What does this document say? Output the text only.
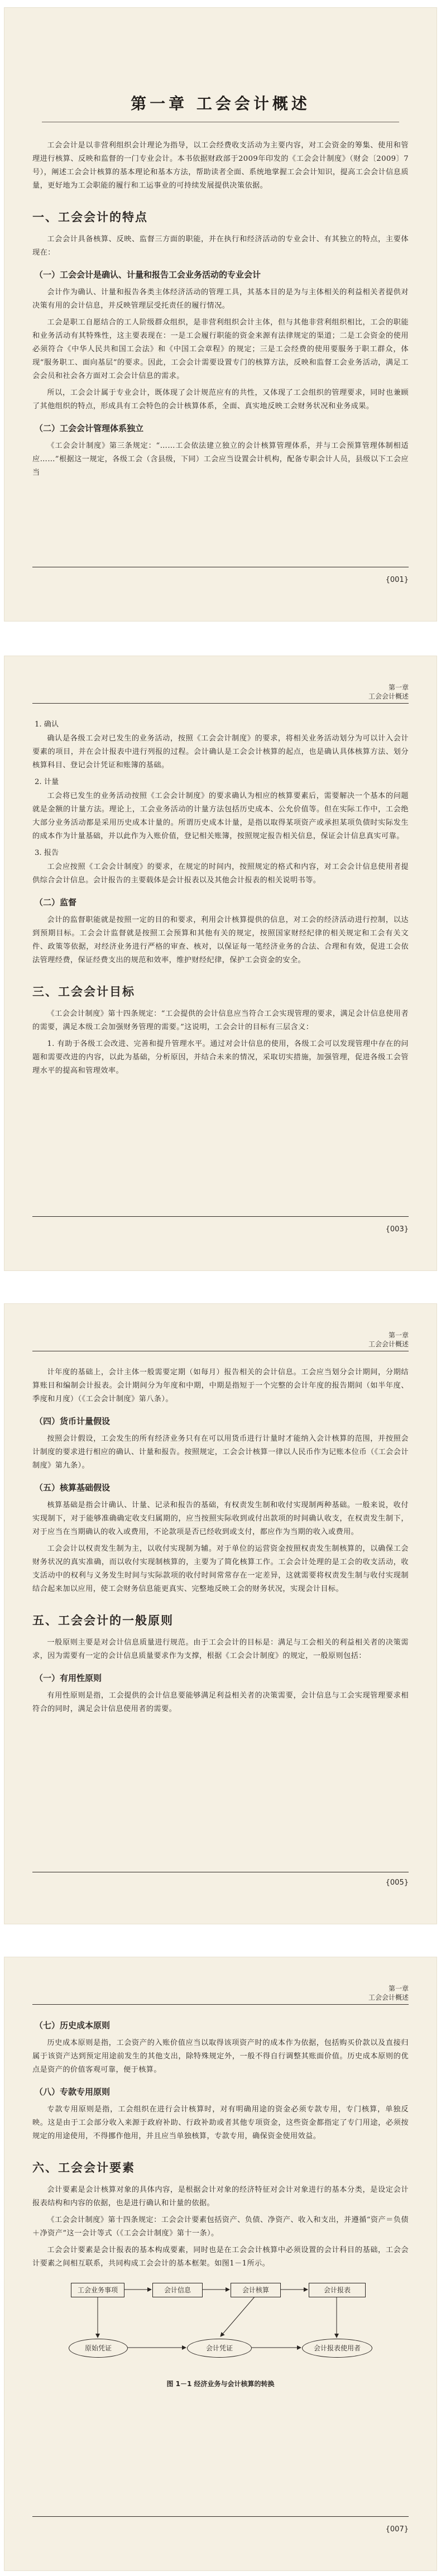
第一章 工会会计概述

工会会计是以非营利组织会计理论为指导，以工会经费收支活动为主要内容，对工会资金的筹集、使用和管理进行核算、反映和监督的一门专业会计。本书依据财政部于2009年印发的《工会会计制度》（财会〔2009〕7号），阐述工会会计核算的基本理论和基本方法，帮助读者全面、系统地掌握工会会计知识，提高工会会计信息质量，更好地为工会职能的履行和工运事业的可持续发展提供决策依据。

一、工会会计的特点

工会会计具备核算、反映、监督三方面的职能，并在执行和经济活动的专业会计、有其独立的特点，主要体现在：

（一）工会会计是确认、计量和报告工会业务活动的专业会计

会计作为确认、计量和报告各类主体经济活动的管理工具，其基本目的是为与主体相关的利益相关者提供对决策有用的会计信息，并反映管理层受托责任的履行情况。

工会是职工自愿结合的工人阶级群众组织，是非营利组织会计主体，但与其他非营利组织相比，工会的职能和业务活动有其特殊性，这主要表现在：一是工会履行职能的资金来源有法律规定的渠道；二是工会资金的使用必须符合《中华人民共和国工会法》和《中国工会章程》的规定；三是工会经费的使用要服务于职工群众，体现“服务职工、面向基层”的要求。因此，工会会计需要设置专门的核算方法，反映和监督工会业务活动，满足工会会员和社会各方面对工会会计信息的需求。

所以，工会会计属于专业会计，既体现了会计规范应有的共性，又体现了工会组织的管理要求，同时也兼顾了其他组织的特点，形成具有工会特色的会计核算体系，全面、真实地反映工会财务状况和业务成果。

（二）工会会计管理体系独立

《工会会计制度》第三条规定：“……工会依法建立独立的会计核算管理体系，并与工会预算管理体制相适应……”根据这一规定，各级工会（含县级，下同）工会应当设置会计机构，配备专职会计人员，县级以下工会应当

{001}
第一章
工会会计概述
1. 确认

确认是各级工会对已发生的业务活动，按照《工会会计制度》的要求，将相关业务活动划分为可以计入会计要素的项目，并在会计报表中进行列报的过程。会计确认是工会会计核算的起点，也是确认具体核算方法、划分核算科目、登记会计凭证和账簿的基础。

2. 计量

工会将已发生的业务活动按照《工会会计制度》的要求确认为相应的核算要素后，需要解决一个基本的问题就是金额的计量方法。理论上，工会业务活动的计量方法包括历史成本、公允价值等。但在实际工作中，工会绝大部分业务活动都是采用历史成本计量的。所谓历史成本计量，是指以取得某项资产或承担某项负债时实际发生的成本作为计量基础，并以此作为入账价值，登记相关账簿，按照规定报告相关信息，保证会计信息真实可靠。

3. 报告

工会应按照《工会会计制度》的要求，在规定的时间内，按照规定的格式和内容，对工会会计信息使用者提供综合会计信息。会计报告的主要载体是会计报表以及其他会计报表的相关说明书等。

（二）监督

会计的监督职能就是按照一定的目的和要求，利用会计核算提供的信息，对工会的经济活动进行控制，以达到预期目标。工会会计监督就是按照工会预算和其他有关的规定，按照国家财经纪律的相关规定和工会有关文件、政策等依据，对经济业务进行严格的审查、核对，以保证每一笔经济业务的合法、合理和有效，促进工会依法管理经费，保证经费支出的规范和效率，维护财经纪律，保护工会资金的安全。

三、工会会计目标

《工会会计制度》第十四条规定：“工会提供的会计信息应当符合工会实现管理的要求，满足会计信息使用者的需要，满足本级工会加强财务管理的需要。”这说明，工会会计的目标有三层含义：

1. 有助于各级工会改进、完善和提升管理水平。通过对会计信息的使用，各级工会可以发现管理中存在的问题和需要改进的内容，以此为基础，分析原因，并结合未来的情况，采取切实措施，加强管理，促进各级工会管理水平的提高和管理效率。

{003}
第一章
工会会计概述

计年度的基础上，会计主体一般需要定期（如每月）报告相关的会计信息。工会应当划分会计期间，分期结算账目和编制会计报表。会计期间分为年度和中期，中期是指短于一个完整的会计年度的报告期间（如半年度、季度和月度）（《工会会计制度》第八条）。

（四）货币计量假设

按照会计假设，工会发生的所有经济业务只有在可以用货币进行计量时才能纳入会计核算的范围，并按照会计制度的要求进行相应的确认、计量和报告。按照规定，工会会计核算一律以人民币作为记账本位币（《工会会计制度》第九条）。

（五）核算基础假设

核算基础是指会计确认、计量、记录和报告的基础，有权责发生制和收付实现制两种基础。一般来说，收付实现制下，对于能够准确确定收支归属期的，应当按照实际收到或付出款项的时间确认收支，在权责发生制下，对于应当在当期确认的收入或费用，不论款项是否已经收到或支付，都应作为当期的收入或费用。

工会会计以权责发生制为主，以收付实现制为辅。对于单位的运营资金按照权责发生制核算的，以确保工会财务状况的真实准确，而以收付实现制核算的，主要为了简化核算工作。工会会计处理的是工会的收支活动，收支活动中的权利与义务发生时间与实际款项的收付时间常常存在一定差异，这就需要将权责发生制与收付实现制结合起来加以应用，使工会财务信息能更真实、完整地反映工会的财务状况，实现会计目标。

五、工会会计的一般原则

一般原则主要是对会计信息质量进行规范。由于工会会计的目标是：满足与工会相关的利益相关者的决策需求，因为需要有一定的会计信息质量要求作为支撑，根据《工会会计制度》的规定，一般原则包括：

（一）有用性原则

有用性原则是指，工会提供的会计信息要能够满足利益相关者的决策需要，会计信息与工会实现管理要求相符合的同时，满足会计信息使用者的需要。

{005}
第一章
工会会计概述
（七）历史成本原则

历史成本原则是指，工会资产的入账价值应当以取得该项资产时的成本作为依据，包括购买价款以及直接归属于该资产达到预定用途前发生的其他支出，除特殊规定外，一般不得自行调整其账面价值。历史成本原则的优点是资产的价值客观可靠，便于核算。

（八）专款专用原则

专款专用原则是指，工会组织在进行会计核算时，对有明确用途的资金必须专款专用，专门核算，单独反映。这是由于工会部分收入来源于政府补助、行政补助或者其他专项资金，这些资金都指定了专门用途，必须按规定的用途使用，不得挪作他用，并且应当单独核算，专款专用，确保资金使用效益。

六、工会会计要素

会计要素是会计核算对象的具体内容，是根据会计对象的经济特征对会计对象进行的基本分类，是设定会计报表结构和内容的依据，也是进行确认和计量的依据。

《工会会计制度》第十四条规定：工会会计要素包括资产、负债、净资产、收入和支出，并遵循“资产＝负债＋净资产”这一会计等式（《工会会计制度》第十一条）。

工会会计要素是会计报表的基本构成要素，同时也是在工会会计核算中必须设置的会计科目的基础，工会会计要素之间相互联系，共同构成工会会计的基本框架。如图1－1所示。

工会业务事项	会计信息	会计核算	会计报表
原始凭证	会计凭证	会计报表使用者
图 1－1 经济业务与会计核算的转换
{007}
